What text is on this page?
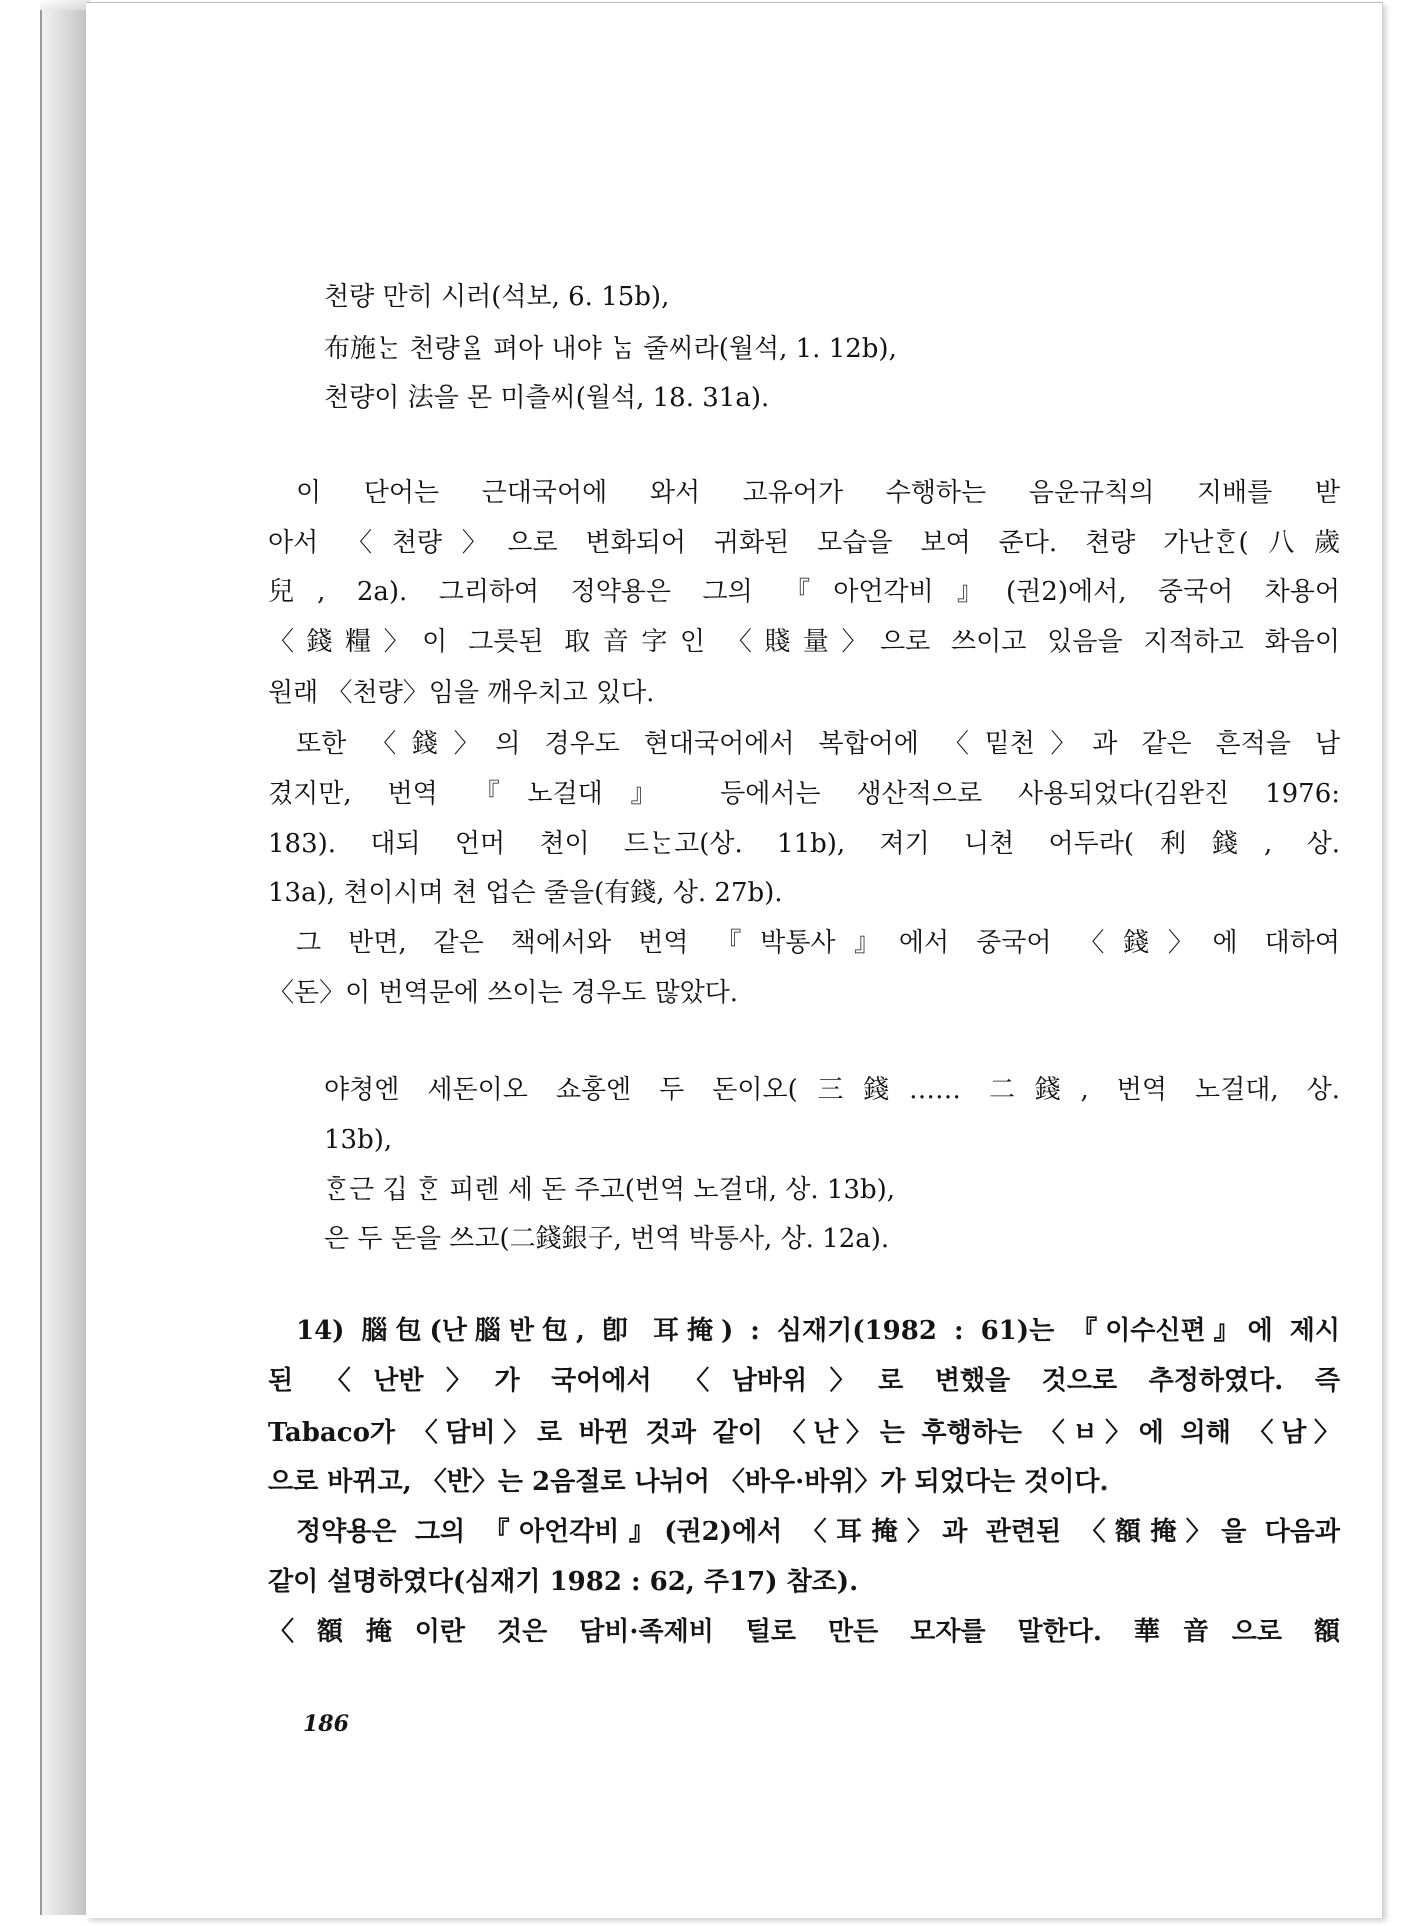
천량 만히 시러(석보, 6. 15b),
布施ᄂᆞᆫ 천량ᄋᆞᆯ 펴아 내야 ᄂᆞᆷ 줄씨라(월석, 1. 12b),
천량이 法을 몬 미츨씨(월석, 18. 31a).
이 단어는 근대국어에 와서 고유어가 수행하는 음운규칙의 지배를 받
아서 〈쳔량〉으로 변화되어 귀화된 모습을 보여 준다. 쳔량 가난ᄒᆞᆫ(八歲
兒, 2a). 그리하여 정약용은 그의 『아언각비』(권2)에서, 중국어 차용어
〈錢糧〉이 그릇된 取音字인 〈賤量〉으로 쓰이고 있음을 지적하고 화음이
원래 〈천량〉임을 깨우치고 있다.
또한 〈錢〉의 경우도 현대국어에서 복합어에 〈밑천〉과 같은 흔적을 남
겼지만, 번역 『노걸대』 등에서는 생산적으로 사용되었다(김완진 1976:
183). 대되 언머 쳔이 드ᄂᆞᆫ고(상. 11b), 져기 니쳔 어두라(利錢, 상.
13a), 쳔이시며 쳔 업슨 줄을(有錢, 상. 27b).
그 반면, 같은 책에서와 번역 『박통사』에서 중국어 〈錢〉에 대하여
〈돈〉이 번역문에 쓰이는 경우도 많았다.
야쳥엔 세돈이오 쇼홍엔 두 돈이오(三錢…… 二錢, 번역 노걸대, 상.
13b),
ᄒᆞᆫ근 깁 ᄒᆞᆫ 피렌 세 돈 주고(번역 노걸대, 상. 13b),
은 두 돈을 쓰고(二錢銀子, 번역 박통사, 상. 12a).
14) 腦包(난腦반包, 卽 耳掩) : 심재기(1982 : 61)는 『이수신편』에 제시
된 〈난반〉가 국어에서 〈남바위〉로 변했을 것으로 추정하였다. 즉
Tabaco가 〈담비〉로 바뀐 것과 같이 〈난〉는 후행하는 〈ㅂ〉에 의해 〈남〉
으로 바뀌고, 〈반〉는 2음절로 나뉘어 〈바우·바위〉가 되었다는 것이다.
정약용은 그의 『아언각비』(권2)에서 〈耳掩〉과 관련된 〈額掩〉을 다음과
같이 설명하였다(심재기 1982 : 62, 주17) 참조).
〈額掩이란 것은 담비·족제비 털로 만든 모자를 말한다. 華音으로 額
186
